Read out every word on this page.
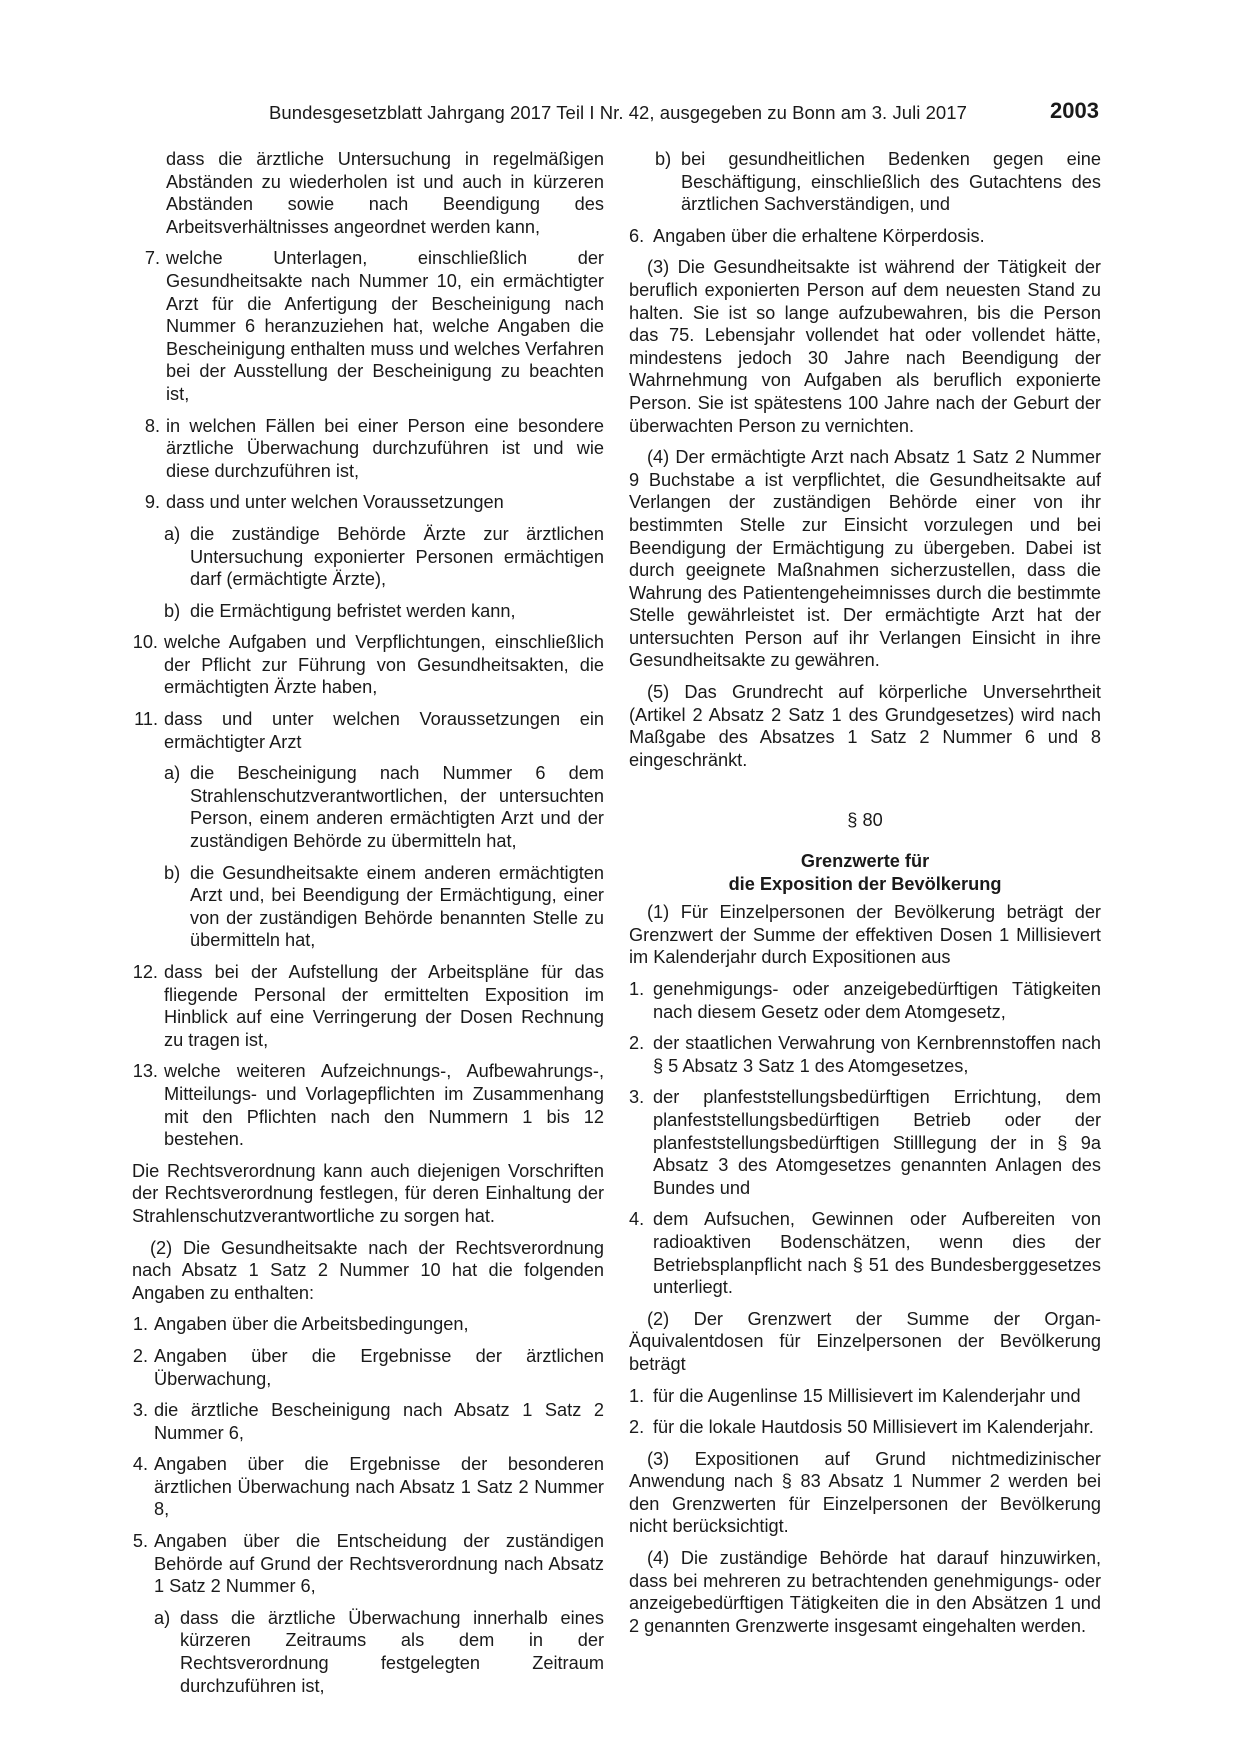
Bundesgesetzblatt Jahrgang 2017 Teil I Nr. 42, ausgegeben zu Bonn am 3. Juli 2017	2003

dass die ärztliche Untersuchung in regelmäßigen Abständen zu wiederholen ist und auch in kürzeren Abständen sowie nach Beendigung des Arbeitsverhältnisses angeordnet werden kann,

7. welche Unterlagen, einschließlich der Gesundheitsakte nach Nummer 10, ein ermächtigter Arzt für die Anfertigung der Bescheinigung nach Nummer 6 heranzuziehen hat, welche Angaben die Bescheinigung enthalten muss und welches Verfahren bei der Ausstellung der Bescheinigung zu beachten ist,
8. in welchen Fällen bei einer Person eine besondere ärztliche Überwachung durchzuführen ist und wie diese durchzuführen ist,
9. dass und unter welchen Voraussetzungen
a) die zuständige Behörde Ärzte zur ärztlichen Untersuchung exponierter Personen ermächtigen darf (ermächtigte Ärzte),
b) die Ermächtigung befristet werden kann,
10. welche Aufgaben und Verpflichtungen, einschließlich der Pflicht zur Führung von Gesundheitsakten, die ermächtigten Ärzte haben,
11. dass und unter welchen Voraussetzungen ein ermächtigter Arzt
a) die Bescheinigung nach Nummer 6 dem Strahlenschutzverantwortlichen, der untersuchten Person, einem anderen ermächtigten Arzt und der zuständigen Behörde zu übermitteln hat,
b) die Gesundheitsakte einem anderen ermächtigten Arzt und, bei Beendigung der Ermächtigung, einer von der zuständigen Behörde benannten Stelle zu übermitteln hat,
12. dass bei der Aufstellung der Arbeitspläne für das fliegende Personal der ermittelten Exposition im Hinblick auf eine Verringerung der Dosen Rechnung zu tragen ist,
13. welche weiteren Aufzeichnungs-, Aufbewahrungs-, Mitteilungs- und Vorlagepflichten im Zusammenhang mit den Pflichten nach den Nummern 1 bis 12 bestehen.

Die Rechtsverordnung kann auch diejenigen Vorschriften der Rechtsverordnung festlegen, für deren Einhaltung der Strahlenschutzverantwortliche zu sorgen hat.

(2) Die Gesundheitsakte nach der Rechtsverordnung nach Absatz 1 Satz 2 Nummer 10 hat die folgenden Angaben zu enthalten:

1. Angaben über die Arbeitsbedingungen,
2. Angaben über die Ergebnisse der ärztlichen Überwachung,
3. die ärztliche Bescheinigung nach Absatz 1 Satz 2 Nummer 6,
4. Angaben über die Ergebnisse der besonderen ärztlichen Überwachung nach Absatz 1 Satz 2 Nummer 8,
5. Angaben über die Entscheidung der zuständigen Behörde auf Grund der Rechtsverordnung nach Absatz 1 Satz 2 Nummer 6,
a) dass die ärztliche Überwachung innerhalb eines kürzeren Zeitraums als dem in der Rechtsverordnung festgelegten Zeitraum durchzuführen ist,
b) bei gesundheitlichen Bedenken gegen eine Beschäftigung, einschließlich des Gutachtens des ärztlichen Sachverständigen, und
6. Angaben über die erhaltene Körperdosis.

(3) Die Gesundheitsakte ist während der Tätigkeit der beruflich exponierten Person auf dem neuesten Stand zu halten. Sie ist so lange aufzubewahren, bis die Person das 75. Lebensjahr vollendet hat oder vollendet hätte, mindestens jedoch 30 Jahre nach Beendigung der Wahrnehmung von Aufgaben als beruflich exponierte Person. Sie ist spätestens 100 Jahre nach der Geburt der überwachten Person zu vernichten.

(4) Der ermächtigte Arzt nach Absatz 1 Satz 2 Nummer 9 Buchstabe a ist verpflichtet, die Gesundheitsakte auf Verlangen der zuständigen Behörde einer von ihr bestimmten Stelle zur Einsicht vorzulegen und bei Beendigung der Ermächtigung zu übergeben. Dabei ist durch geeignete Maßnahmen sicherzustellen, dass die Wahrung des Patientengeheimnisses durch die bestimmte Stelle gewährleistet ist. Der ermächtigte Arzt hat der untersuchten Person auf ihr Verlangen Einsicht in ihre Gesundheitsakte zu gewähren.

(5) Das Grundrecht auf körperliche Unversehrtheit (Artikel 2 Absatz 2 Satz 1 des Grundgesetzes) wird nach Maßgabe des Absatzes 1 Satz 2 Nummer 6 und 8 eingeschränkt.

§ 80
Grenzwerte für
die Exposition der Bevölkerung

(1) Für Einzelpersonen der Bevölkerung beträgt der Grenzwert der Summe der effektiven Dosen 1 Millisievert im Kalenderjahr durch Expositionen aus

1. genehmigungs- oder anzeigebedürftigen Tätigkeiten nach diesem Gesetz oder dem Atomgesetz,
2. der staatlichen Verwahrung von Kernbrennstoffen nach § 5 Absatz 3 Satz 1 des Atomgesetzes,
3. der planfeststellungsbedürftigen Errichtung, dem planfeststellungsbedürftigen Betrieb oder der planfeststellungsbedürftigen Stilllegung der in § 9a Absatz 3 des Atomgesetzes genannten Anlagen des Bundes und
4. dem Aufsuchen, Gewinnen oder Aufbereiten von radioaktiven Bodenschätzen, wenn dies der Betriebsplanpflicht nach § 51 des Bundesberggesetzes unterliegt.

(2) Der Grenzwert der Summe der Organ-Äquivalentdosen für Einzelpersonen der Bevölkerung beträgt

1. für die Augenlinse 15 Millisievert im Kalenderjahr und
2. für die lokale Hautdosis 50 Millisievert im Kalenderjahr.

(3) Expositionen auf Grund nichtmedizinischer Anwendung nach § 83 Absatz 1 Nummer 2 werden bei den Grenzwerten für Einzelpersonen der Bevölkerung nicht berücksichtigt.

(4) Die zuständige Behörde hat darauf hinzuwirken, dass bei mehreren zu betrachtenden genehmigungs- oder anzeigebedürftigen Tätigkeiten die in den Absätzen 1 und 2 genannten Grenzwerte insgesamt eingehalten werden.
